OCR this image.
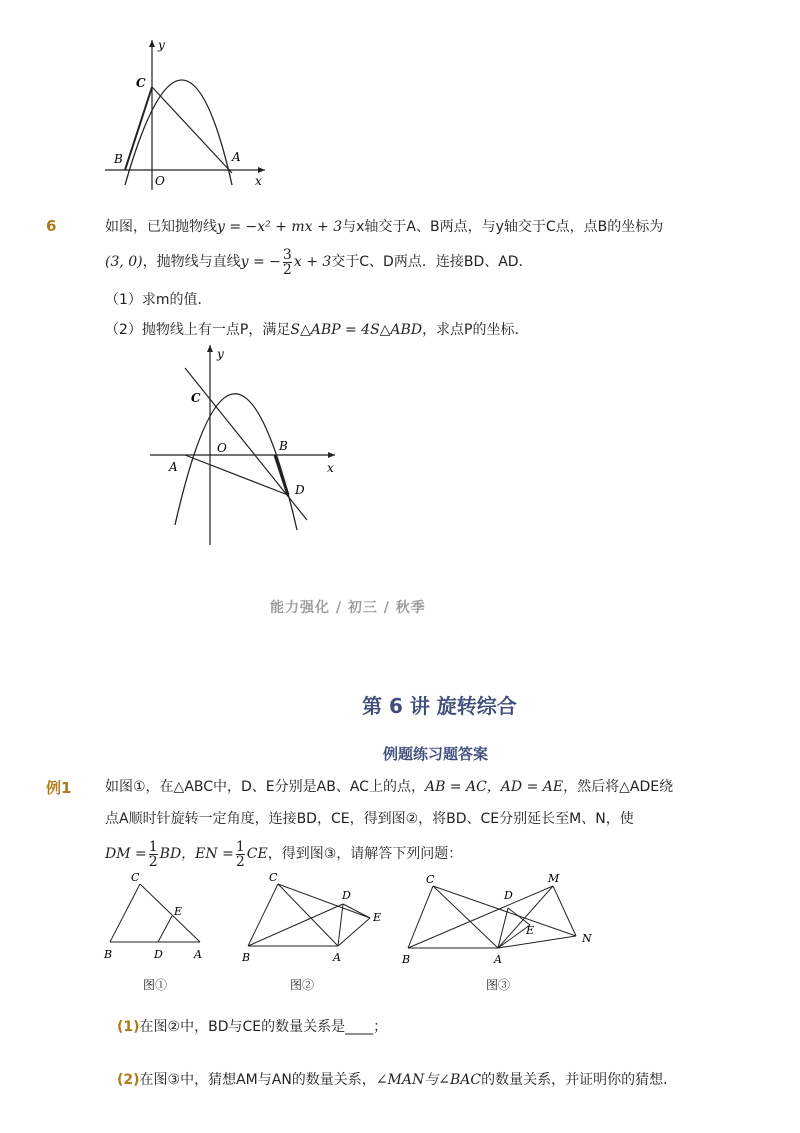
y
x
C
B
O
A
6	如图，已知抛物线y = −x² + mx + 3与x轴交于A、B两点，与y轴交于C点，点B的坐标为
(3, 0)，抛物线与直线y = − $\frac{3}{2}$ x + 3交于C、D两点．连接BD、AD．
（1）求m的值．
（2）抛物线上有一点P，满足S△ABP = 4S△ABD，求点P的坐标．
y
x
C
O	B
A
D
能力强化 / 初三 / 秋季
第 6 讲 旋转综合
例题练习题答案
例1 如图①，在△ABC中，D、E分别是AB、AC上的点，AB = AC，AD = AE，然后将△ADE绕
点A顺时针旋转一定角度，连接BD，CE，得到图②，将BD、CE分别延长至M、N，使
DM = $\frac{1}{2}$ BD，EN = $\frac{1}{2}$ CE，得到图③，请解答下列问题：
C
E
B	D	A
图①
C
D
E
B	A
图②
C
D
M
E
N
B	A
图③
(1)在图②中，BD与CE的数量关系是____；
(2)在图③中，猜想AM与AN的数量关系，∠MAN与∠BAC的数量关系，并证明你的猜想．
